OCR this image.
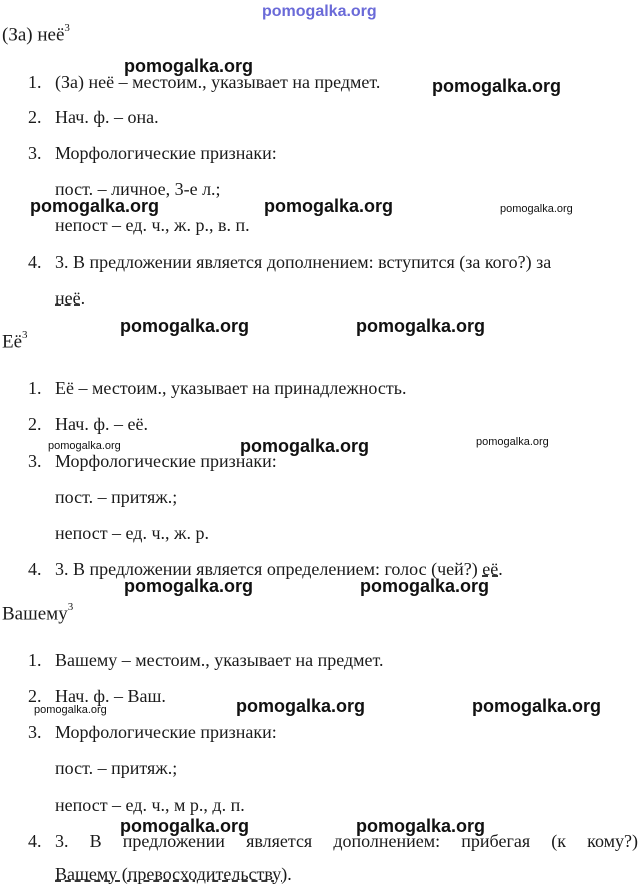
pomogalka.org
(За) неё$^3$
1. (За) неё – местоим., указывает на предмет.
2. Нач. ф. – она.
3. Морфологические признаки:
пост. – личное, 3-е л.;
непост – ед. ч., ж. р., в. п.
4. 3. В предложении является дополнением: вступится (за кого?) за
неё.
$Её^3$
1. Её – местоим., указывает на принадлежность.
2. Нач. ф. – её.
3. Морфологические признаки:
пост. – притяж.;
непост – ед. ч., ж. р.
4. 3. В предложении является определением: голос (чей?) её.
Вашему$^3$
1. Вашему – местоим., указывает на предмет.
2. Нач. ф. – Ваш.
3. Морфологические признаки:
пост. – притяж.;
непост – ед. ч., м р., д. п.
4. 3. В предложении является дополнением: прибегая (к кому?)
Вашему (превосходительству).
pomogalka.org
pomogalka.org
pomogalka.org	pomogalka.org	pomogalka.org
pomogalka.org	pomogalka.org
pomogalka.org	pomogalka.org	pomogalka.org
pomogalka.org	pomogalka.org
pomogalka.org	pomogalka.org	pomogalka.org
pomogalka.org	pomogalka.org
